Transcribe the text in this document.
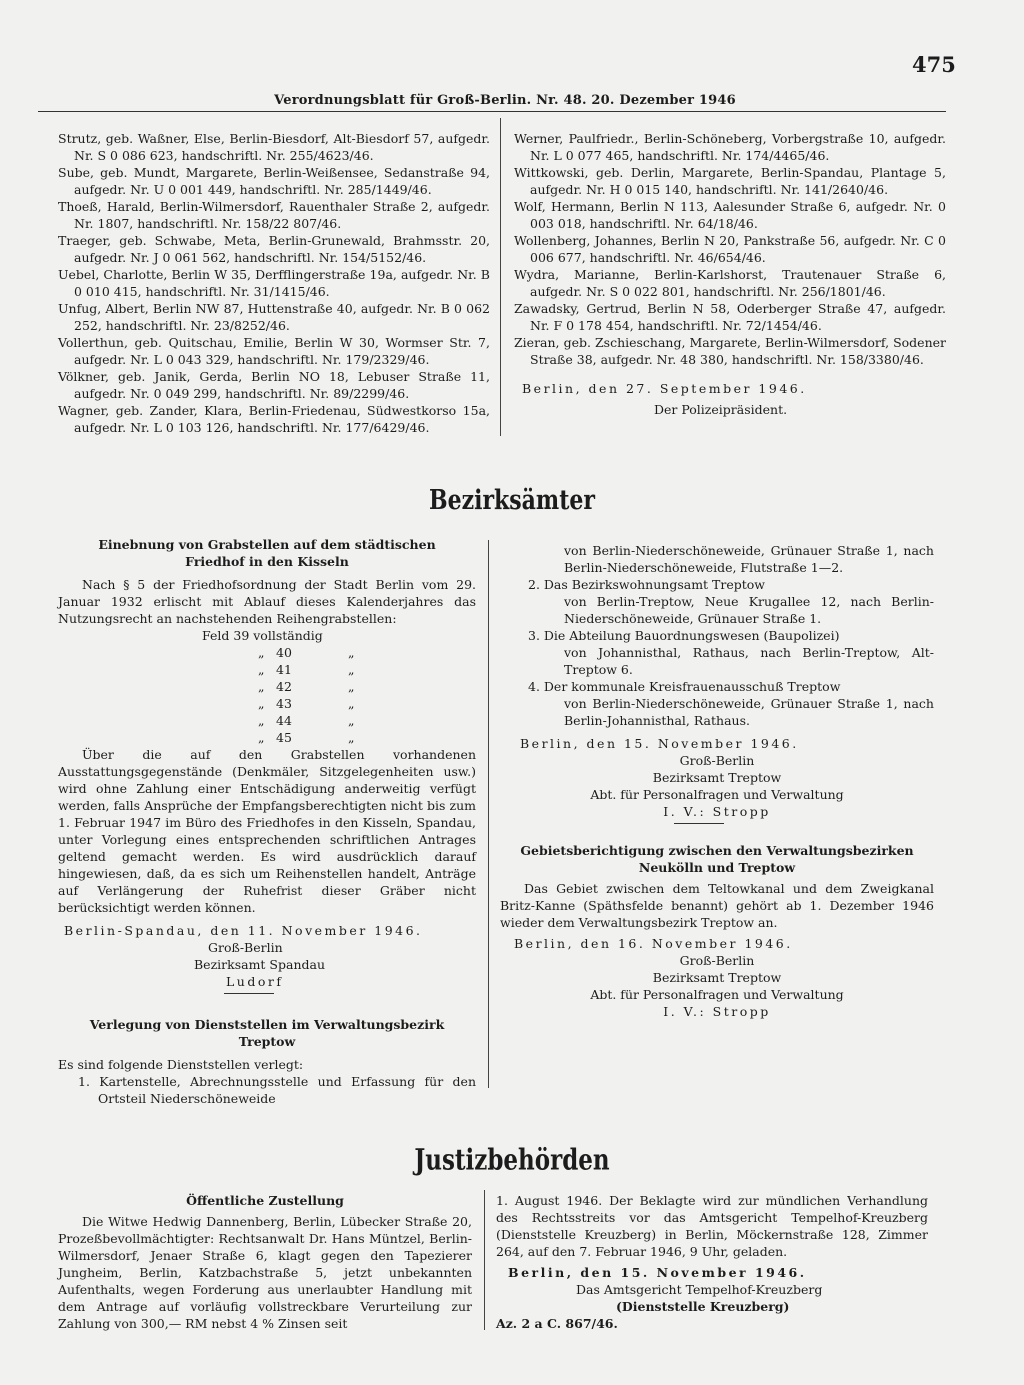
475
Verordnungsblatt für Groß-Berlin. Nr. 48. 20. Dezember 1946

Strutz, geb. Waßner, Else, Berlin-Biesdorf, Alt-Biesdorf 57, aufgedr. Nr. S 0 086 623, handschriftl. Nr. 255/4623/46.

Sube, geb. Mundt, Margarete, Berlin-Weißensee, Sedanstraße 94, aufgedr. Nr. U 0 001 449, handschriftl. Nr. 285/1449/46.

Thoeß, Harald, Berlin-Wilmersdorf, Rauenthaler Straße 2, aufgedr. Nr. 1807, handschriftl. Nr. 158/22 807/46.

Traeger, geb. Schwabe, Meta, Berlin-Grunewald, Brahmsstr. 20, aufgedr. Nr. J 0 061 562, handschriftl. Nr. 154/5152/46.

Uebel, Charlotte, Berlin W 35, Derfflingerstraße 19a, aufgedr. Nr. B 0 010 415, handschriftl. Nr. 31/1415/46.

Unfug, Albert, Berlin NW 87, Huttenstraße 40, aufgedr. Nr. B 0 062 252, handschriftl. Nr. 23/8252/46.

Vollerthun, geb. Quitschau, Emilie, Berlin W 30, Wormser Str. 7, aufgedr. Nr. L 0 043 329, handschriftl. Nr. 179/2329/46.

Völkner, geb. Janik, Gerda, Berlin NO 18, Lebuser Straße 11, aufgedr. Nr. 0 049 299, handschriftl. Nr. 89/2299/46.

Wagner, geb. Zander, Klara, Berlin-Friedenau, Südwestkorso 15a, aufgedr. Nr. L 0 103 126, handschriftl. Nr. 177/6429/46.

Werner, Paulfriedr., Berlin-Schöneberg, Vorbergstraße 10, aufgedr. Nr. L 0 077 465, handschriftl. Nr. 174/4465/46.

Wittkowski, geb. Derlin, Margarete, Berlin-Spandau, Plantage 5, aufgedr. Nr. H 0 015 140, handschriftl. Nr. 141/2640/46.

Wolf, Hermann, Berlin N 113, Aalesunder Straße 6, aufgedr. Nr. 0 003 018, handschriftl. Nr. 64/18/46.

Wollenberg, Johannes, Berlin N 20, Pankstraße 56, aufgedr. Nr. C 0 006 677, handschriftl. Nr. 46/654/46.

Wydra, Marianne, Berlin-Karlshorst, Trautenauer Straße 6, aufgedr. Nr. S 0 022 801, handschriftl. Nr. 256/1801/46.

Zawadsky, Gertrud, Berlin N 58, Oderberger Straße 47, aufgedr. Nr. F 0 178 454, handschriftl. Nr. 72/1454/46.

Zieran, geb. Zschieschang, Margarete, Berlin-Wilmersdorf, Sodener Straße 38, aufgedr. Nr. 48 380, handschriftl. Nr. 158/3380/46.

Berlin, den 27. September 1946.

Der Polizeipräsident.

Bezirksämter

Einebnung von Grabstellen auf dem städtischen Friedhof in den Kisseln

Nach § 5 der Friedhofsordnung der Stadt Berlin vom 29. Januar 1932 erlischt mit Ablauf dieses Kalenderjahres das Nutzungsrecht an nachstehenden Reihengrabstellen:

Feld 39 vollständig
„ 40	„
„ 41	„
„ 42	„
„ 43	„
„ 44	„
„ 45	„

Über die auf den Grabstellen vorhandenen Ausstattungsgegenstände (Denkmäler, Sitzgelegenheiten usw.) wird ohne Zahlung einer Entschädigung anderweitig verfügt werden, falls Ansprüche der Empfangsberechtigten nicht bis zum 1. Februar 1947 im Büro des Friedhofes in den Kisseln, Spandau, unter Vorlegung eines entsprechenden schriftlichen Antrages geltend gemacht werden. Es wird ausdrücklich darauf hingewiesen, daß, da es sich um Reihenstellen handelt, Anträge auf Verlängerung der Ruhefrist dieser Gräber nicht berücksichtigt werden können.

Berlin-Spandau, den 11. November 1946.

Groß-Berlin

Bezirksamt Spandau

Ludorf

Verlegung von Dienststellen im Verwaltungsbezirk Treptow

Es sind folgende Dienststellen verlegt:

1. Kartenstelle, Abrechnungsstelle und Erfassung für den Ortsteil Niederschöneweide

von Berlin-Niederschöneweide, Grünauer Straße 1, nach Berlin-Niederschöneweide, Flutstraße 1—2.

2. Das Bezirkswohnungsamt Treptow

von Berlin-Treptow, Neue Krugallee 12, nach Berlin-Niederschöneweide, Grünauer Straße 1.

3. Die Abteilung Bauordnungswesen (Baupolizei)

von Johannisthal, Rathaus, nach Berlin-Treptow, Alt-Treptow 6.

4. Der kommunale Kreisfrauenausschuß Treptow

von Berlin-Niederschöneweide, Grünauer Straße 1, nach Berlin-Johannisthal, Rathaus.

Berlin, den 15. November 1946.

Groß-Berlin

Bezirksamt Treptow

Abt. für Personalfragen und Verwaltung

I. V.: Stropp

Gebietsberichtigung zwischen den Verwaltungsbezirken Neukölln und Treptow

Das Gebiet zwischen dem Teltowkanal und dem Zweigkanal Britz-Kanne (Späthsfelde benannt) gehört ab 1. Dezember 1946 wieder dem Verwaltungsbezirk Treptow an.

Berlin, den 16. November 1946.

Groß-Berlin

Bezirksamt Treptow

Abt. für Personalfragen und Verwaltung

I. V.: Stropp

Justizbehörden

Öffentliche Zustellung

Die Witwe Hedwig Dannenberg, Berlin, Lübecker Straße 20, Prozeßbevollmächtigter: Rechtsanwalt Dr. Hans Müntzel, Berlin-Wilmersdorf, Jenaer Straße 6, klagt gegen den Tapezierer Jungheim, Berlin, Katzbachstraße 5, jetzt unbekannten Aufenthalts, wegen Forderung aus unerlaubter Handlung mit dem Antrage auf vorläufig vollstreckbare Verurteilung zur Zahlung von 300,— RM nebst 4 % Zinsen seit

1. August 1946. Der Beklagte wird zur mündlichen Verhandlung des Rechtsstreits vor das Amtsgericht Tempelhof-Kreuzberg (Dienststelle Kreuzberg) in Berlin, Möckernstraße 128, Zimmer 264, auf den 7. Februar 1946, 9 Uhr, geladen.

Berlin, den 15. November 1946.

Das Amtsgericht Tempelhof-Kreuzberg

(Dienststelle Kreuzberg)

Az. 2 a C. 867/46.
